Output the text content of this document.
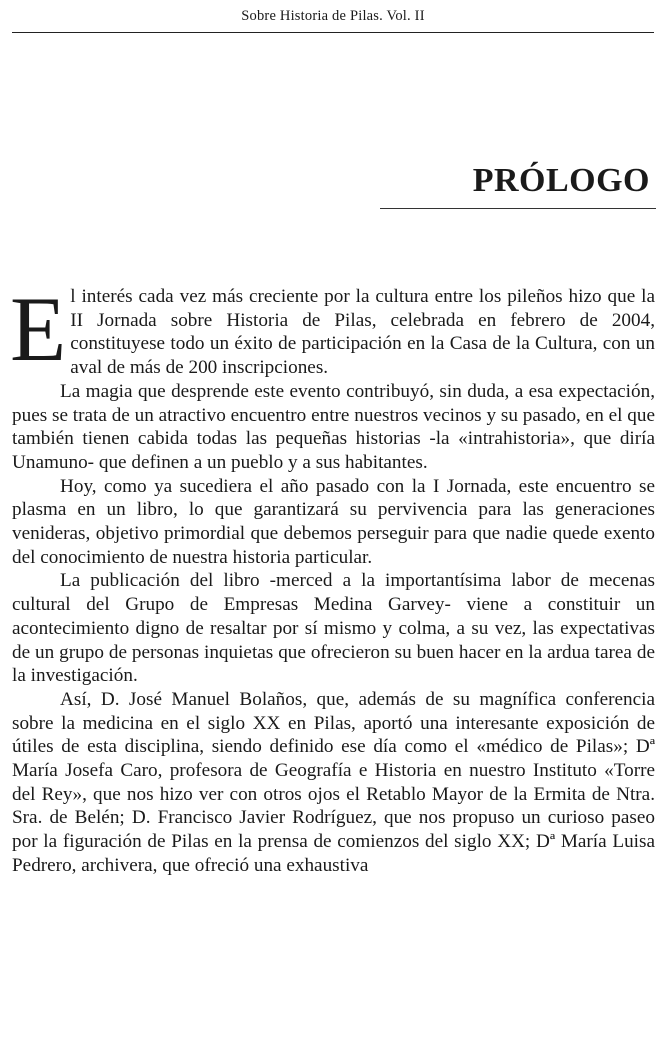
Sobre Historia de Pilas. Vol. II
PRÓLOGO

El interés cada vez más creciente por la cultura entre los pileños hizo que la II Jornada sobre Historia de Pilas, celebrada en febrero de 2004, constituyese todo un éxito de participación en la Casa de la Cultura, con un aval de más de 200 inscripciones.

La magia que desprende este evento contribuyó, sin duda, a esa expectación, pues se trata de un atractivo encuentro entre nuestros vecinos y su pasado, en el que también tienen cabida todas las pequeñas historias -la «intrahistoria», que diría Unamuno- que definen a un pueblo y a sus habitantes.

Hoy, como ya sucediera el año pasado con la I Jornada, este encuentro se plasma en un libro, lo que garantizará su pervivencia para las generaciones venideras, objetivo primordial que debemos perseguir para que nadie quede exento del conocimiento de nuestra historia particular.

La publicación del libro -merced a la importantísima labor de mecenas cultural del Grupo de Empresas Medina Garvey- viene a constituir un acontecimiento digno de resaltar por sí mismo y colma, a su vez, las expectativas de un grupo de personas inquietas que ofrecieron su buen hacer en la ardua tarea de la investigación.

Así, D. José Manuel Bolaños, que, además de su magnífica conferencia sobre la medicina en el siglo XX en Pilas, aportó una interesante exposición de útiles de esta disciplina, siendo definido ese día como el «médico de Pilas»; Dª María Josefa Caro, profesora de Geografía e Historia en nuestro Instituto «Torre del Rey», que nos hizo ver con otros ojos el Retablo Mayor de la Ermita de Ntra. Sra. de Belén; D. Francisco Javier Rodríguez, que nos propuso un curioso paseo por la figuración de Pilas en la prensa de comienzos del siglo XX; Dª María Luisa Pedrero, archivera, que ofreció una exhaustiva
